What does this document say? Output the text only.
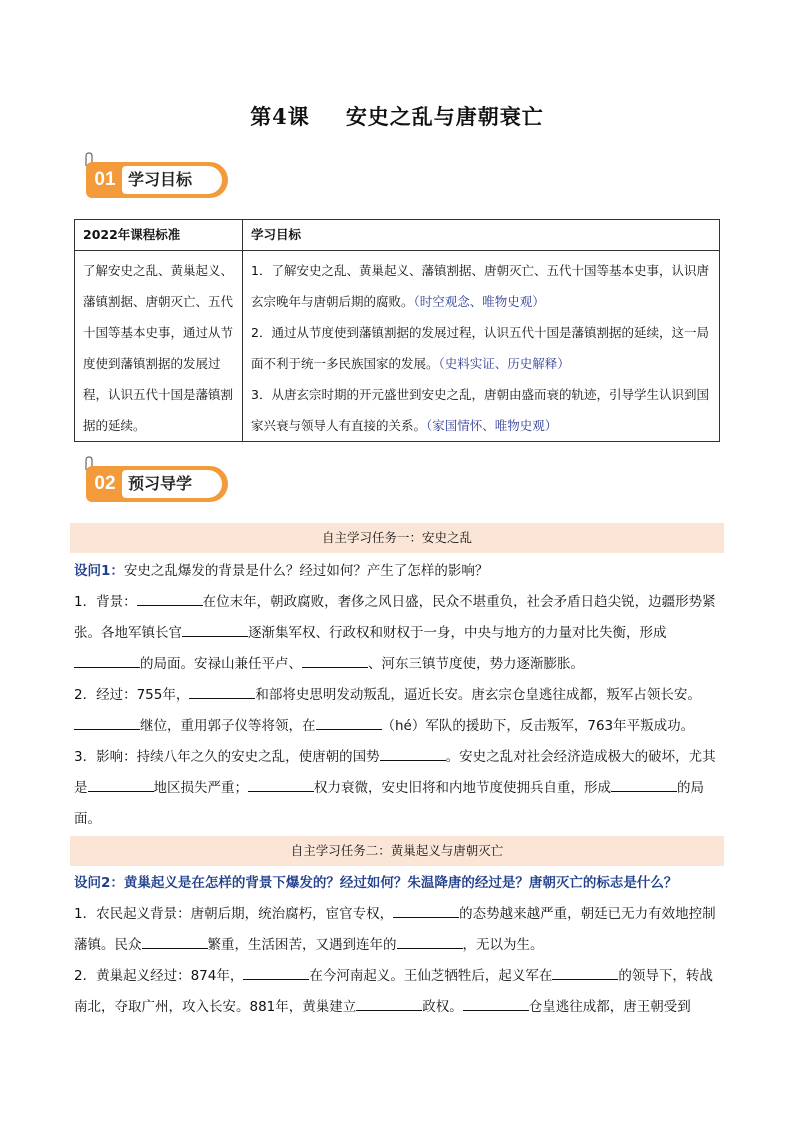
第4课 安史之乱与唐朝衰亡
01 学习目标
2022年课程标准	学习目标
了解安史之乱、黄巢起义、藩镇割据、唐朝灭亡、五代十国等基本史事，通过从节度使到藩镇割据的发展过程，认识五代十国是藩镇割据的延续。	1．了解安史之乱、黄巢起义、藩镇割据、唐朝灭亡、五代十国等基本史事，认识唐玄宗晚年与唐朝后期的腐败。（时空观念、唯物史观）
2．通过从节度使到藩镇割据的发展过程，认识五代十国是藩镇割据的延续，这一局面不利于统一多民族国家的发展。（史料实证、历史解释）
3．从唐玄宗时期的开元盛世到安史之乱，唐朝由盛而衰的轨迹，引导学生认识到国家兴衰与领导人有直接的关系。（家国情怀、唯物史观）
02 预习导学
自主学习任务一：安史之乱
设问1：安史之乱爆发的背景是什么？经过如何？产生了怎样的影响？
1．背景：	在位末年，朝政腐败，奢侈之风日盛，民众不堪重负，社会矛盾日趋尖锐，边疆形势紧张。各地军镇长官	逐渐集军权、行政权和财权于一身，中央与地方的力量对比失衡，形成
的局面。安禄山兼任平卢、	、河东三镇节度使，势力逐渐膨胀。
2．经过：755年，	和部将史思明发动叛乱，逼近长安。唐玄宗仓皇逃往成都，叛军占领长安。
继位，重用郭子仪等将领，在	（hé）军队的援助下，反击叛军，763年平叛成功。
3．影响：持续八年之久的安史之乱，使唐朝的国势	。安史之乱对社会经济造成极大的破坏，尤其是	地区损失严重；	权力衰微，安史旧将和内地节度使拥兵自重，形成	的局面。
自主学习任务二：黄巢起义与唐朝灭亡
设问2：黄巢起义是在怎样的背景下爆发的？经过如何？朱温降唐的经过是？唐朝灭亡的标志是什么？
1．农民起义背景：唐朝后期，统治腐朽，宦官专权，	的态势越来越严重，朝廷已无力有效地控制藩镇。民众	繁重，生活困苦，又遇到连年的	，无以为生。
2．黄巢起义经过：874年，	在今河南起义。王仙芝牺牲后，起义军在	的领导下，转战南北，夺取广州，攻入长安。881年，黄巢建立	政权。	仓皇逃往成都，唐王朝受到
